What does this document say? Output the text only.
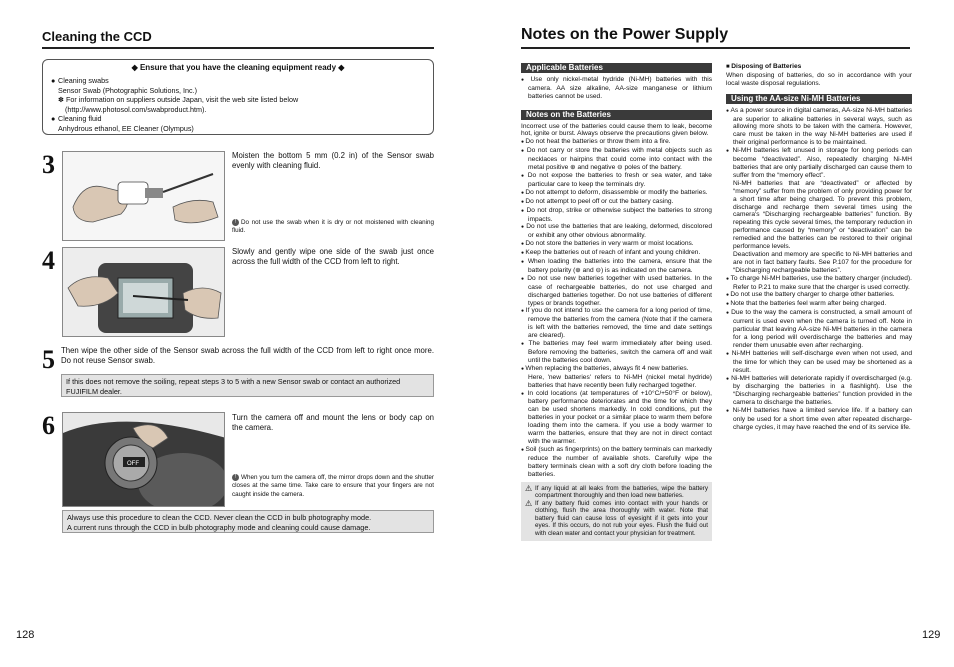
Cleaning the CCD
◆ Ensure that you have the cleaning equipment ready ◆
● Cleaning swabs
Sensor Swab (Photographic Solutions, Inc.)
✽ For information on suppliers outside Japan, visit the web site listed below
(http://www.photosol.com/swabproduct.htm).
● Cleaning fluid
Anhydrous ethanol, EE Cleaner (Olympus)
3	Moisten the bottom 5 mm (0.2 in) of the Sensor swab evenly with cleaning fluid.
! Do not use the swab when it is dry or not moistened with cleaning fluid.
4	Slowly and gently wipe one side of the swab just once across the full width of the CCD from left to right.
5 Then wipe the other side of the Sensor swab across the full width of the CCD from left to right once more. Do not reuse Sensor swab.
If this does not remove the soiling, repeat steps 3 to 5 with a new Sensor swab or contact an authorized FUJIFILM dealer.
6
OFF
Turn the camera off and mount the lens or body cap on the camera.
! When you turn the camera off, the mirror drops down and the shutter closes at the same time. Take care to ensure that your fingers are not caught inside the camera.
Always use this procedure to clean the CCD. Never clean the CCD in bulb photography mode.
A current runs through the CCD in bulb photography mode and cleaning could cause damage.
128
Notes on the Power Supply
Applicable Batteries
● Use only nickel-metal hydride (Ni-MH) batteries with this camera. AA size alkaline, AA-size manganese or lithium batteries cannot be used.
Notes on the Batteries
Incorrect use of the batteries could cause them to leak, become hot, ignite or burst. Always observe the precautions given below.
● Do not heat the batteries or throw them into a fire.
● Do not carry or store the batteries with metal objects such as necklaces or hairpins that could come into contact with the metal positive ⊕ and negative ⊖ poles of the battery.
● Do not expose the batteries to fresh or sea water, and take particular care to keep the terminals dry.
● Do not attempt to deform, disassemble or modify the batteries.
● Do not attempt to peel off or cut the battery casing.
● Do not drop, strike or otherwise subject the batteries to strong impacts.
● Do not use the batteries that are leaking, deformed, discolored or exhibit any other obvious abnormality.
● Do not store the batteries in very warm or moist locations.
● Keep the batteries out of reach of infant and young children.
● When loading the batteries into the camera, ensure that the battery polarity (⊕ and ⊖) is as indicated on the camera.
● Do not use new batteries together with used batteries. In the case of rechargeable batteries, do not use charged and discharged batteries together. Do not use batteries of different types or brands together.
● If you do not intend to use the camera for a long period of time, remove the batteries from the camera (Note that if the camera is left with the batteries removed, the time and date settings are cleared).
● The batteries may feel warm immediately after being used. Before removing the batteries, switch the camera off and wait until the batteries cool down.
● When replacing the batteries, always fit 4 new batteries.
Here, 'new batteries' refers to Ni-MH (nickel metal hydride) batteries that have recently been fully recharged together.
● In cold locations (at temperatures of +10°C/+50°F or below), battery performance deteriorates and the time for which they can be used shortens markedly. In cold conditions, put the batteries in your pocket or a similar place to warm them before loading them into the camera. If you use a body warmer to warm the batteries, ensure that they are not in direct contact with the warmer.
● Soil (such as fingerprints) on the battery terminals can markedly reduce the number of available shots. Carefully wipe the battery terminals clean with a soft dry cloth before loading the batteries.
⚠ If any liquid at all leaks from the batteries, wipe the battery compartment thoroughly and then load new batteries.
⚠ If any battery fluid comes into contact with your hands or clothing, flush the area thoroughly with water. Note that battery fluid can cause loss of eyesight if it gets into your eyes. If this occurs, do not rub your eyes. Flush the fluid out with clean water and contact your physician for treatment.
■ Disposing of Batteries
When disposing of batteries, do so in accordance with your local waste disposal regulations.
Using the AA-size Ni-MH Batteries
● As a power source in digital cameras, AA-size Ni-MH batteries are superior to alkaline batteries in several ways, such as allowing more shots to be taken with the camera. However, care must be taken in the way Ni-MH batteries are used if their original performance is to be maintained.
● Ni-MH batteries left unused in storage for long periods can become “deactivated”. Also, repeatedly charging Ni-MH batteries that are only partially discharged can cause them to suffer from the “memory effect”.
Ni-MH batteries that are “deactivated” or affected by “memory” suffer from the problem of only providing power for a short time after being charged. To prevent this problem, discharge and recharge them several times using the camera's “Discharging rechargeable batteries” function. By repeating this cycle several times, the temporary reduction in performance caused by “memory” or “deactivation” can be remedied and the batteries can be restored to their original performance levels.
Deactivation and memory are specific to Ni-MH batteries and are not in fact battery faults. See P.107 for the procedure for “Discharging rechargeable batteries”.
● To charge Ni-MH batteries, use the battery charger (included). Refer to P.21 to make sure that the charger is used correctly.
● Do not use the battery charger to charge other batteries.
● Note that the batteries feel warm after being charged.
● Due to the way the camera is constructed, a small amount of current is used even when the camera is turned off. Note in particular that leaving AA-size Ni-MH batteries in the camera for a long period will overdischarge the batteries and may render them unusable even after recharging.
● Ni-MH batteries will self-discharge even when not used, and the time for which they can be used may be shortened as a result.
● Ni-MH batteries will deteriorate rapidly if overdischarged (e.g. by discharging the batteries in a flashlight). Use the “Discharging rechargeable batteries” function provided in the camera to discharge the batteries.
● Ni-MH batteries have a limited service life. If a battery can only be used for a short time even after repeated discharge-charge cycles, it may have reached the end of its service life.
129
